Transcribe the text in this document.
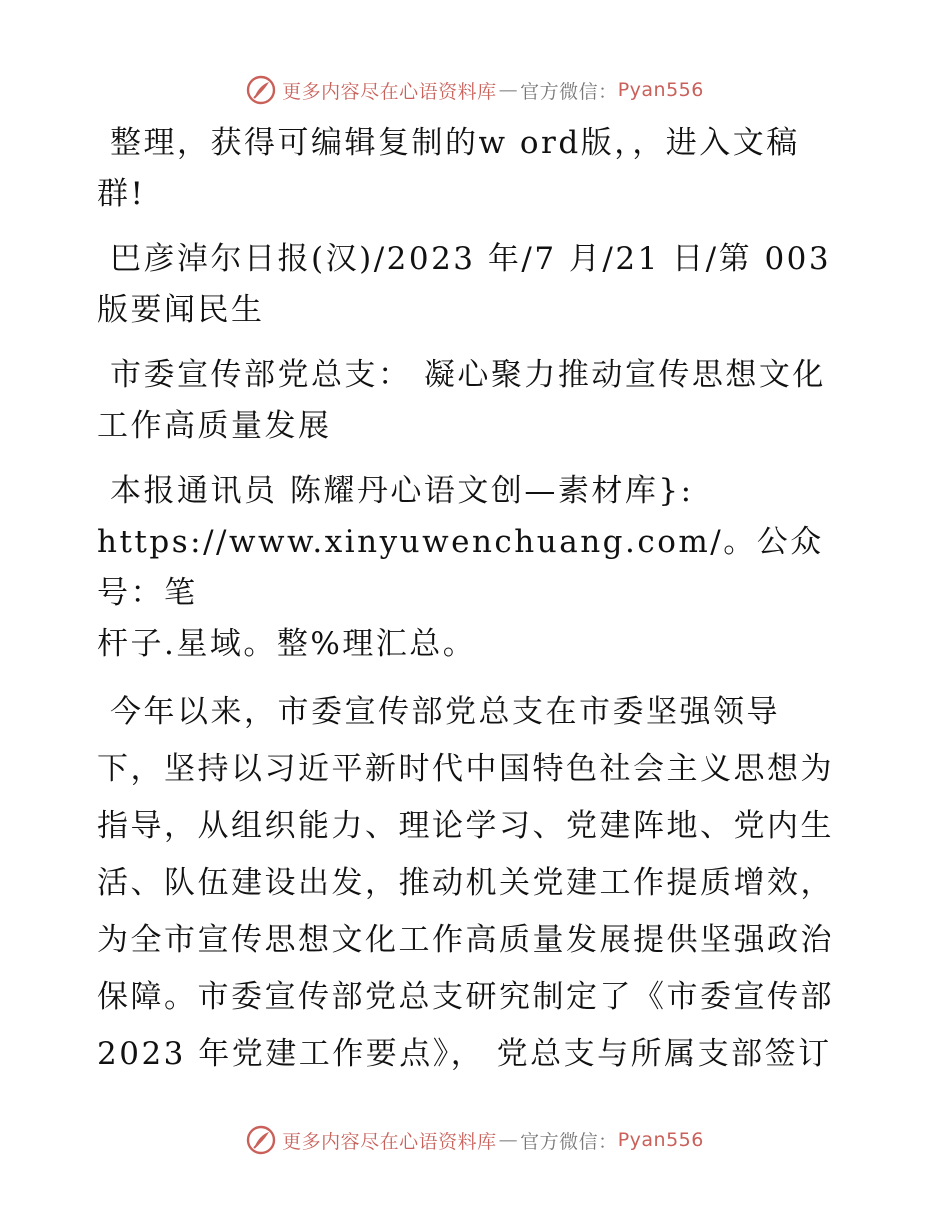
更多内容尽在心语资料库 — 官方微信： Pyan556

整理，获得可编辑复制的w ord版，，进入文稿
群!

巴彦淖尔日报(汉)/2023 年/7 月/21 日/第 003
版要闻民生

市委宣传部党总支： 凝心聚力推动宣传思想文化
工作高质量发展

本报通讯员 陈耀丹心语文创—素材库}:
https://www.xinyuwenchuang.com/。公众号：笔
杆子.星域。整%理汇总。

今年以来，市委宣传部党总支在市委坚强领导
下，坚持以习近平新时代中国特色社会主义思想为
指导，从组织能力、理论学习、党建阵地、党内生
活、队伍建设出发，推动机关党建工作提质增效，
为全市宣传思想文化工作高质量发展提供坚强政治
保障。市委宣传部党总支研究制定了《市委宣传部
2023 年党建工作要点》， 党总支与所属支部签订

更多内容尽在心语资料库 — 官方微信： Pyan556
